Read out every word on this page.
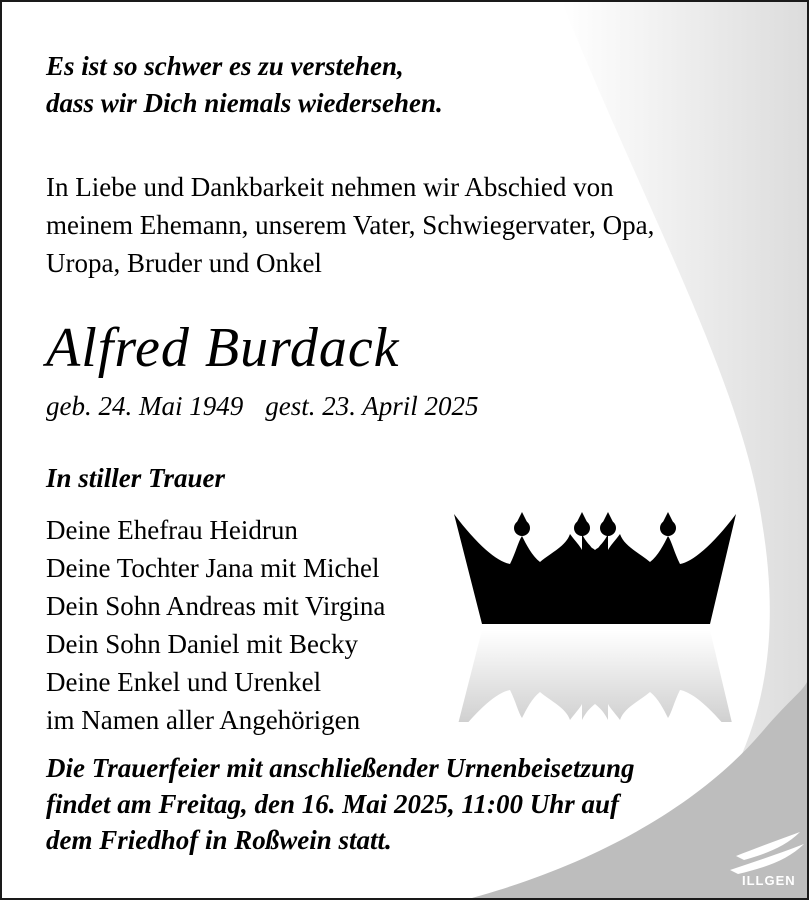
Es ist so schwer es zu verstehen,
dass wir Dich niemals wiedersehen.
In Liebe und Dankbarkeit nehmen wir Abschied von
meinem Ehemann, unserem Vater, Schwiegervater, Opa,
Uropa, Bruder und Onkel
Alfred Burdack
geb. 24. Mai 1949 gest. 23. April 2025
In stiller Trauer
Deine Ehefrau Heidrun
Deine Tochter Jana mit Michel
Dein Sohn Andreas mit Virgina
Dein Sohn Daniel mit Becky
Deine Enkel und Urenkel
im Namen aller Angehörigen
Die Trauerfeier mit anschließender Urnenbeisetzung
findet am Freitag, den 16. Mai 2025, 11:00 Uhr auf
dem Friedhof in Roßwein statt.
ILLGEN
